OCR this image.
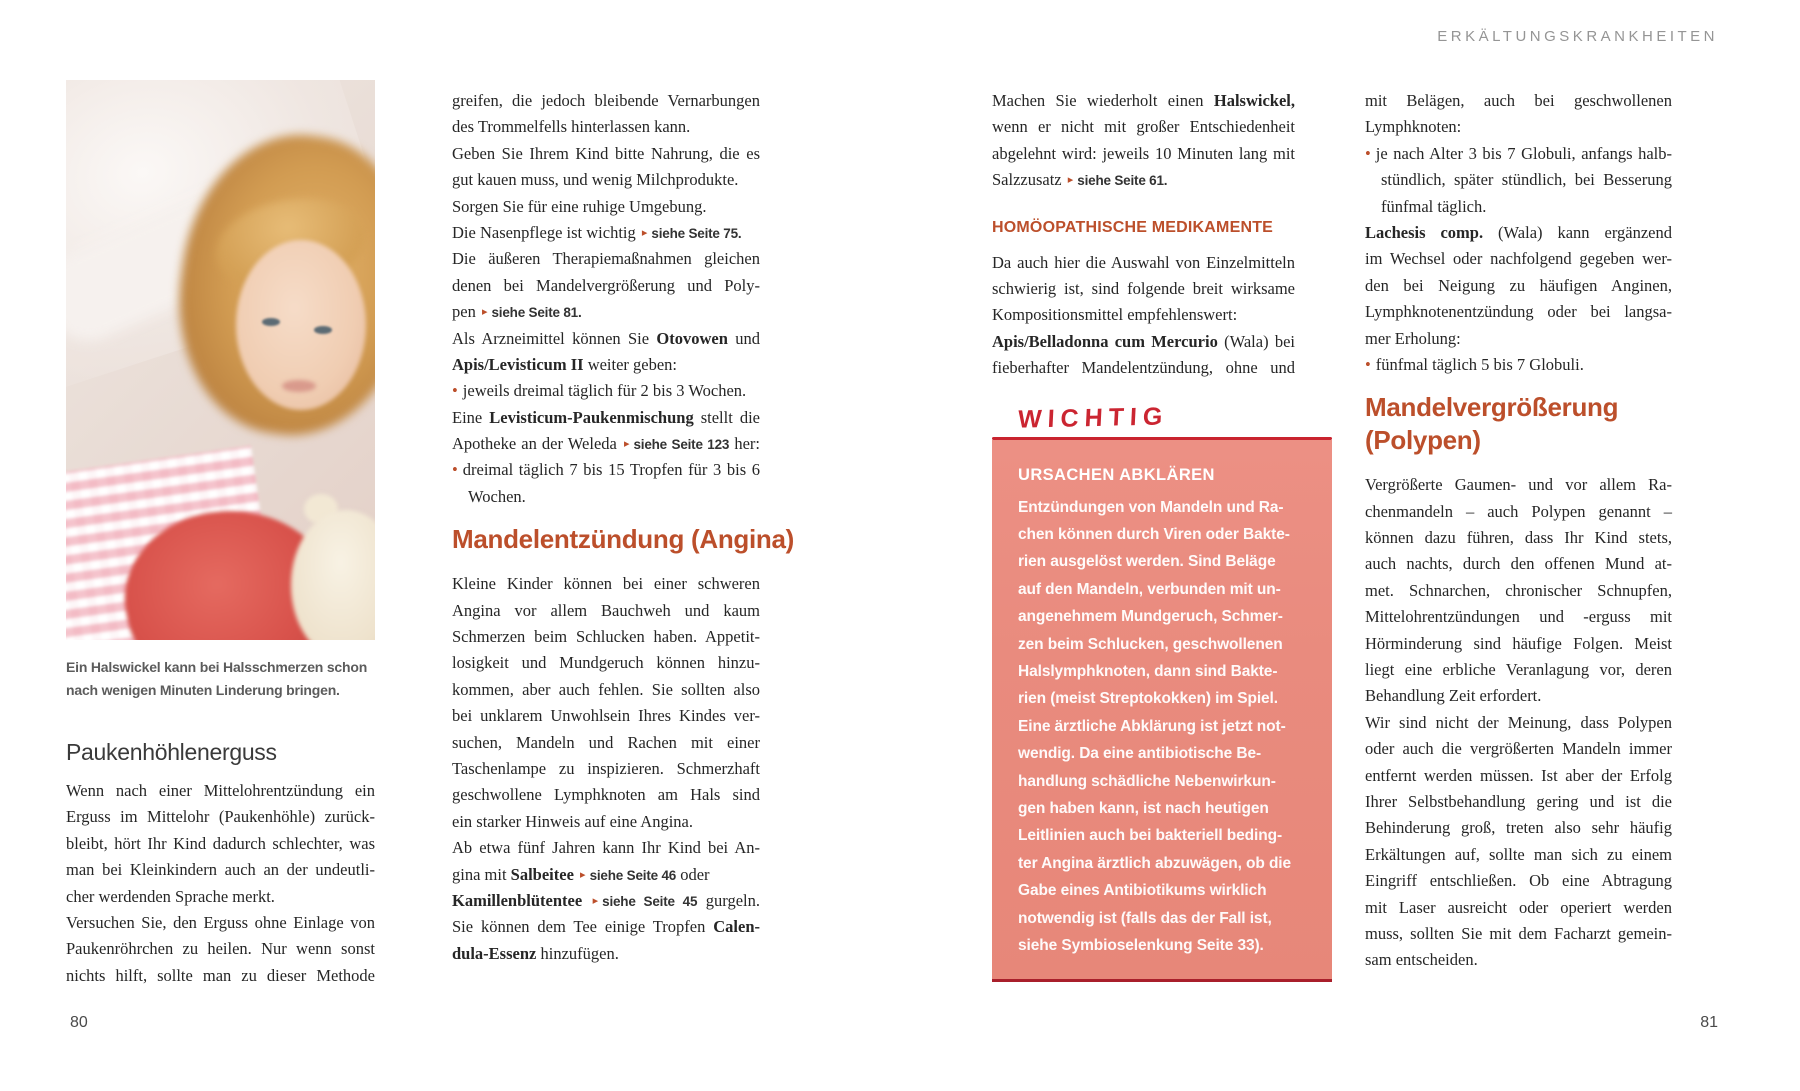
ERKÄLTUNGSKRANKHEITEN
Ein Halswickel kann bei Halsschmerzen schon
nach wenigen Minuten Linderung bringen.
Paukenhöhlenerguss
Wenn nach einer Mittelohrentzündung ein
Erguss im Mittelohr (Paukenhöhle) zurück-
bleibt, hört Ihr Kind dadurch schlechter, was
man bei Kleinkindern auch an der undeutli-
cher werdenden Sprache merkt.
Versuchen Sie, den Erguss ohne Einlage von
Paukenröhrchen zu heilen. Nur wenn sonst
nichts hilft, sollte man zu dieser Methode
greifen, die jedoch bleibende Vernarbungen
des Trommelfells hinterlassen kann.
Geben Sie Ihrem Kind bitte Nahrung, die es
gut kauen muss, und wenig Milchprodukte.
Sorgen Sie für eine ruhige Umgebung.
Die Nasenpflege ist wichtig ▸ siehe Seite 75.
Die äußeren Therapiemaßnahmen gleichen
denen bei Mandelvergrößerung und Poly-
pen ▸ siehe Seite 81.
Als Arzneimittel können Sie Otovowen und
Apis/Levisticum II weiter geben:
• jeweils dreimal täglich für 2 bis 3 Wochen.
Eine Levisticum-Paukenmischung stellt die
Apotheke an der Weleda ▸ siehe Seite 123 her:
• dreimal täglich 7 bis 15 Tropfen für 3 bis 6
Wochen.
Mandelentzündung (Angina)
Kleine Kinder können bei einer schweren
Angina vor allem Bauchweh und kaum
Schmerzen beim Schlucken haben. Appetit-
losigkeit und Mundgeruch können hinzu-
kommen, aber auch fehlen. Sie sollten also
bei unklarem Unwohlsein Ihres Kindes ver-
suchen, Mandeln und Rachen mit einer
Taschenlampe zu inspizieren. Schmerzhaft
geschwollene Lymphknoten am Hals sind
ein starker Hinweis auf eine Angina.
Ab etwa fünf Jahren kann Ihr Kind bei An-
gina mit Salbeitee ▸ siehe Seite 46 oder
Kamillenblütentee ▸ siehe Seite 45 gurgeln.
Sie können dem Tee einige Tropfen Calen-
dula-Essenz hinzufügen.
Machen Sie wiederholt einen Halswickel,
wenn er nicht mit großer Entschiedenheit
abgelehnt wird: jeweils 10 Minuten lang mit
Salzzusatz ▸ siehe Seite 61.
HOMÖOPATHISCHE MEDIKAMENTE
Da auch hier die Auswahl von Einzelmitteln
schwierig ist, sind folgende breit wirksame
Kompositionsmittel empfehlenswert:
Apis/Belladonna cum Mercurio (Wala) bei
fieberhafter Mandelentzündung, ohne und
WICHTIG
URSACHEN ABKLÄREN
Entzündungen von Mandeln und Ra-
chen können durch Viren oder Bakte-
rien ausgelöst werden. Sind Beläge
auf den Mandeln, verbunden mit un-
angenehmem Mundgeruch, Schmer-
zen beim Schlucken, geschwollenen
Halslymphknoten, dann sind Bakte-
rien (meist Streptokokken) im Spiel.
Eine ärztliche Abklärung ist jetzt not-
wendig. Da eine antibiotische Be-
handlung schädliche Nebenwirkun-
gen haben kann, ist nach heutigen
Leitlinien auch bei bakteriell beding-
ter Angina ärztlich abzuwägen, ob die
Gabe eines Antibiotikums wirklich
notwendig ist (falls das der Fall ist,
siehe Symbioselenkung Seite 33).
mit Belägen, auch bei geschwollenen
Lymphknoten:
• je nach Alter 3 bis 7 Globuli, anfangs halb-
stündlich, später stündlich, bei Besserung
fünfmal täglich.
Lachesis comp. (Wala) kann ergänzend
im Wechsel oder nachfolgend gegeben wer-
den bei Neigung zu häufigen Anginen,
Lymphknotenentzündung oder bei langsa-
mer Erholung:
• fünfmal täglich 5 bis 7 Globuli.
Mandelvergrößerung
(Polypen)
Vergrößerte Gaumen- und vor allem Ra-
chenmandeln – auch Polypen genannt –
können dazu führen, dass Ihr Kind stets,
auch nachts, durch den offenen Mund at-
met. Schnarchen, chronischer Schnupfen,
Mittelohrentzündungen und -erguss mit
Hörminderung sind häufige Folgen. Meist
liegt eine erbliche Veranlagung vor, deren
Behandlung Zeit erfordert.
Wir sind nicht der Meinung, dass Polypen
oder auch die vergrößerten Mandeln immer
entfernt werden müssen. Ist aber der Erfolg
Ihrer Selbstbehandlung gering und ist die
Behinderung groß, treten also sehr häufig
Erkältungen auf, sollte man sich zu einem
Eingriff entschließen. Ob eine Abtragung
mit Laser ausreicht oder operiert werden
muss, sollten Sie mit dem Facharzt gemein-
sam entscheiden.
80	81
